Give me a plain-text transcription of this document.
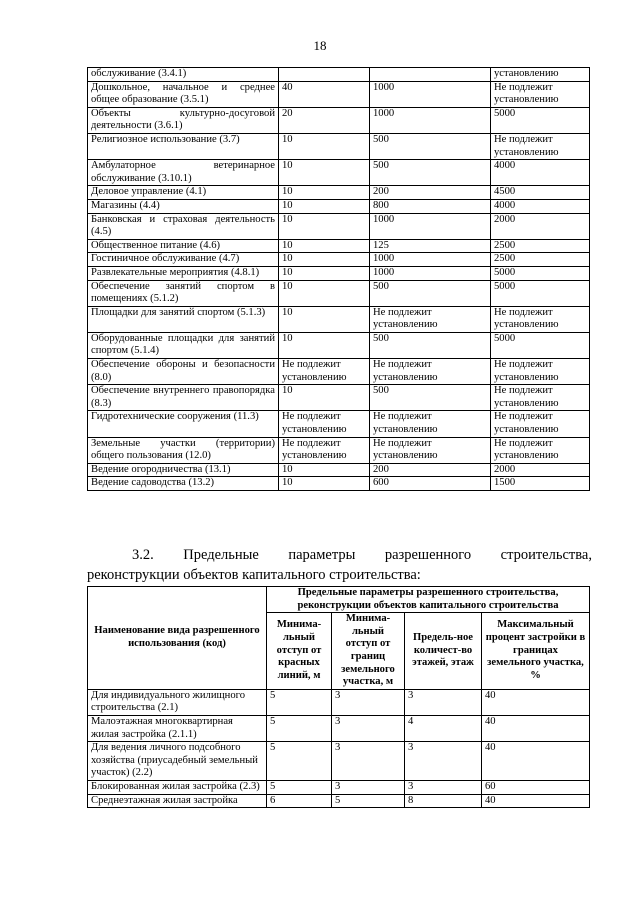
18
обслуживание (3.4.1)			установлению
Дошкольное, начальное и среднее общее образование (3.5.1)	40	1000	Не подлежит установлению
Объекты культурно-досуговой деятельности (3.6.1)	20	1000	5000
Религиозное использование (3.7)	10	500	Не подлежит установлению
Амбулаторное ветеринарное обслуживание (3.10.1)	10	500	4000
Деловое управление (4.1)	10	200	4500
Магазины (4.4)	10	800	4000
Банковская и страховая деятельность (4.5)	10	1000	2000
Общественное питание (4.6)	10	125	2500
Гостиничное обслуживание (4.7)	10	1000	2500
Развлекательные мероприятия (4.8.1)	10	1000	5000
Обеспечение занятий спортом в помещениях (5.1.2)	10	500	5000
Площадки для занятий спортом (5.1.3)	10	Не подлежит установлению	Не подлежит установлению
Оборудованные площадки для занятий спортом (5.1.4)	10	500	5000
Обеспечение обороны и безопасности (8.0)	Не подлежит установлению	Не подлежит установлению	Не подлежит установлению
Обеспечение внутреннего правопорядка (8.3)	10	500	Не подлежит установлению
Гидротехнические сооружения (11.3)	Не подлежит установлению	Не подлежит установлению	Не подлежит установлению
Земельные участки (территории) общего пользования (12.0)	Не подлежит установлению	Не подлежит установлению	Не подлежит установлению
Ведение огородничества (13.1)	10	200	2000
Ведение садоводства (13.2)	10	600	1500
3.2. Предельные параметры разрешенного строительства,
реконструкции объектов капитального строительства:
Наименование вида разрешенного использования (код)	Предельные параметры разрешенного строительства, реконструкции объектов капитального строительства			
	Минима-льный отступ от красных линий, м	Минима-льный отступ от границ земельного участка, м	Предель-ное количест-во этажей, этаж	Максимальный процент застройки в границах земельного участка, %
Для индивидуального жилищного строительства (2.1)	5	3	3	40
Малоэтажная многоквартирная жилая застройка (2.1.1)	5	3	4	40
Для ведения личного подсобного хозяйства (приусадебный земельный участок) (2.2)	5	3	3	40
Блокированная жилая застройка (2.3)	5	3	3	60
Среднеэтажная жилая застройка	6	5	8	40
